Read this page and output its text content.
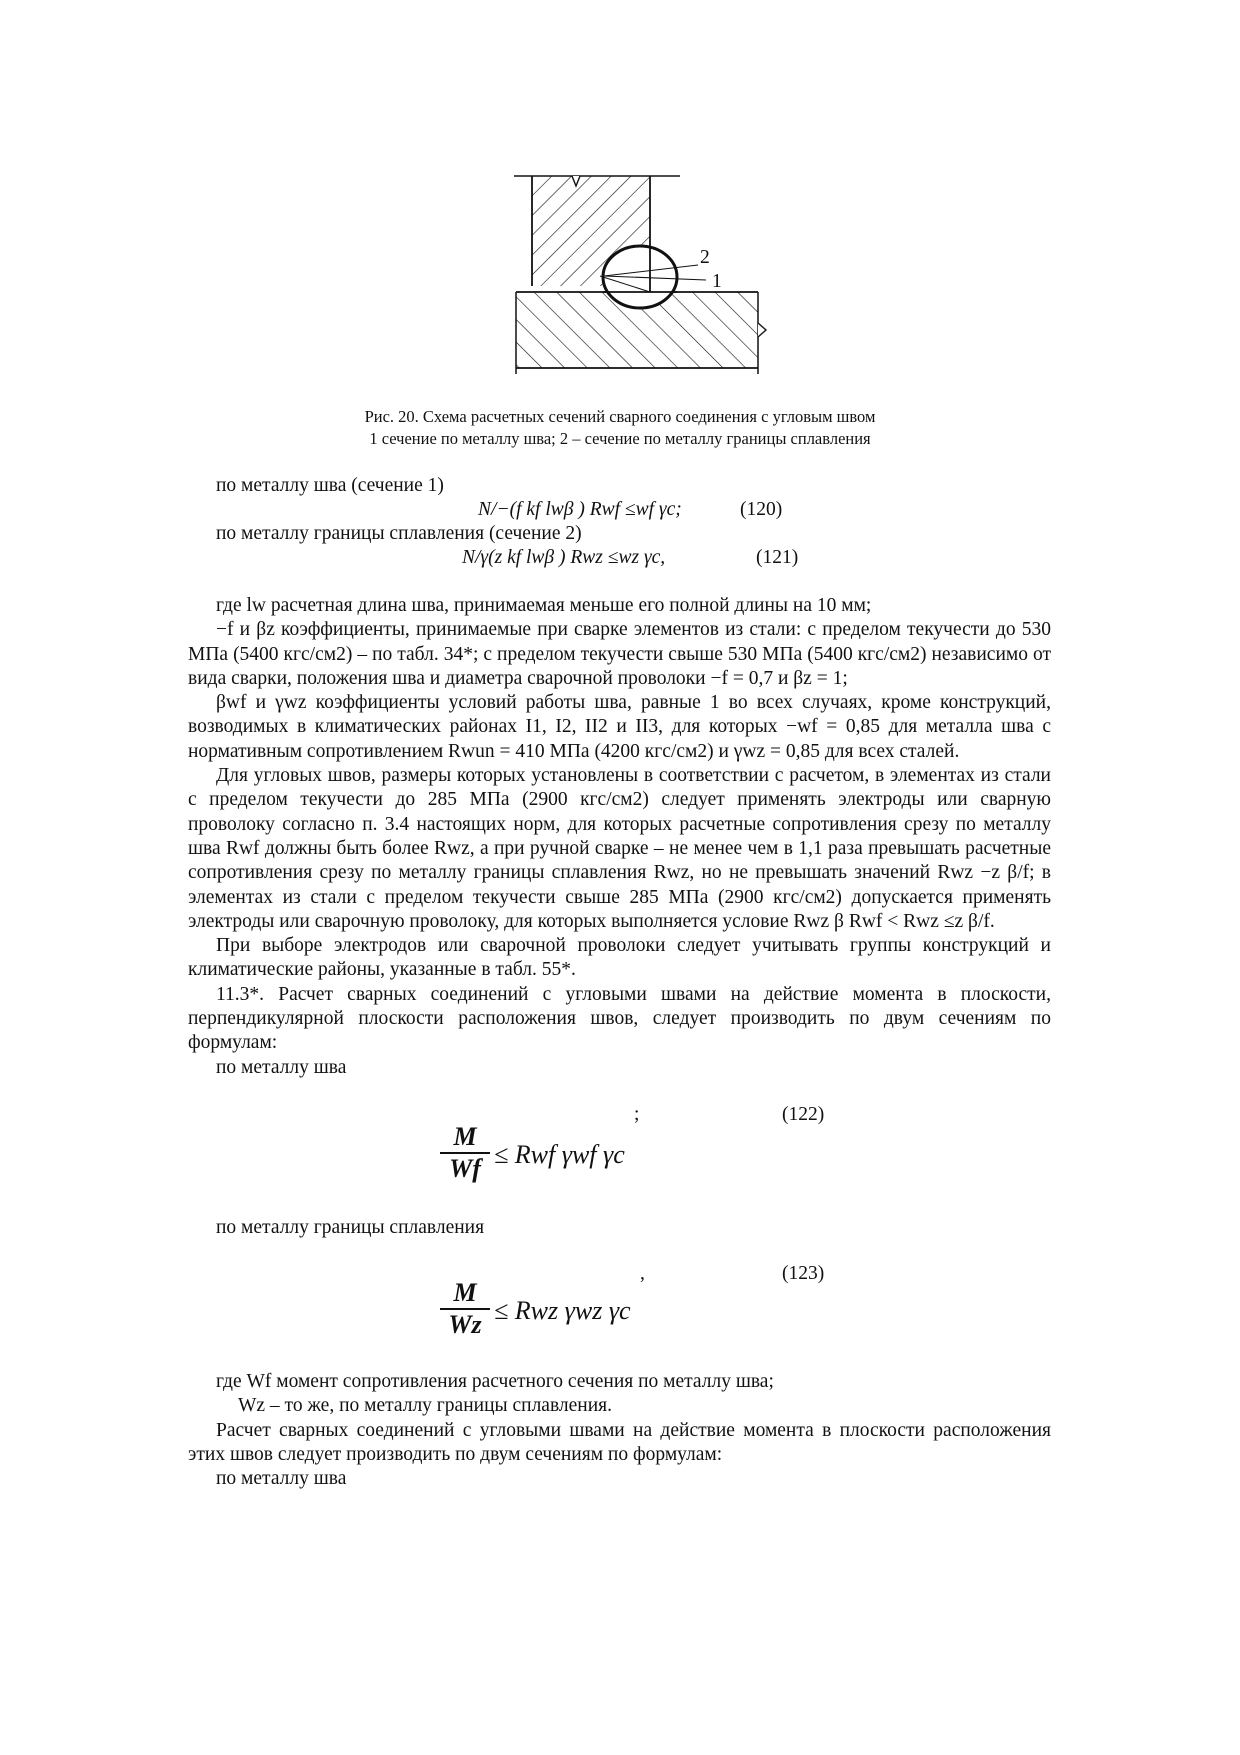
2
1
Рис. 20. Схема расчетных сечений сварного соединения с угловым швом
1 сечение по металлу шва; 2 – сечение по металлу границы сплавления
по металлу шва (сечение 1)
N/−(f kf lwβ ) Rwf ≤wf γc;	(120)
по металлу границы сплавления (сечение 2)
N/γ(z kf lwβ ) Rwz ≤wz γc,	(121)

где lw расчетная длина шва, принимаемая меньше его полной длины на 10 мм;

−f и βz коэффициенты, принимаемые при сварке элементов из стали: с пределом текучести до 530 МПа (5400 кгс/см2) – по табл. 34*; с пределом текучести свыше 530 МПа (5400 кгс/см2) независимо от вида сварки, положения шва и диаметра сварочной проволоки −f = 0,7 и βz = 1;

βwf и γwz коэффициенты условий работы шва, равные 1 во всех случаях, кроме конструкций, возводимых в климатических районах I1, I2, II2 и II3, для которых −wf = 0,85 для металла шва с нормативным сопротивлением Rwun = 410 МПа (4200 кгс/см2) и γwz = 0,85 для всех сталей.

Для угловых швов, размеры которых установлены в соответствии с расчетом, в элементах из стали с пределом текучести до 285 МПа (2900 кгс/см2) следует применять электроды или сварную проволоку согласно п. 3.4 настоящих норм, для которых расчетные сопротивления срезу по металлу шва Rwf должны быть более Rwz, а при ручной сварке – не менее чем в 1,1 раза превышать расчетные сопротивления срезу по металлу границы сплавления Rwz, но не превышать значений Rwz −z β/f; в элементах из стали с пределом текучести свыше 285 МПа (2900 кгс/см2) допускается применять электроды или сварочную проволоку, для которых выполняется условие Rwz β Rwf < Rwz ≤z β/f.

При выборе электродов или сварочной проволоки следует учитывать группы конструкций и климатические районы, указанные в табл. 55*.

11.3*. Расчет сварных соединений с угловыми швами на действие момента в плоскости, перпендикулярной плоскости расположения швов, следует производить по двум сечениям по формулам:

по металлу шва

;	(122)
M
Wf ≤ Rwf γwf γc
по металлу границы сплавления
,	(123)
M
Wz ≤ Rwz γwz γc

где Wf момент сопротивления расчетного сечения по металлу шва;

Wz – то же, по металлу границы сплавления.

Расчет сварных соединений с угловыми швами на действие момента в плоскости расположения этих швов следует производить по двум сечениям по формулам:

по металлу шва
